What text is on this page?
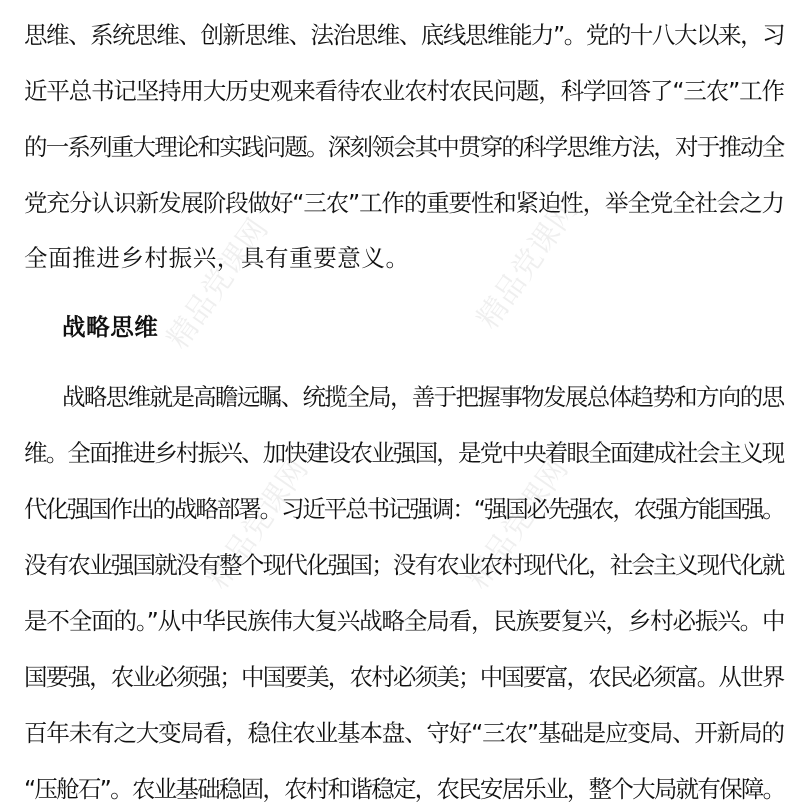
精品党课网	精品党课网
精品党课网	精品党课网
思维、系统思维、创新思维、法治思维、底线思维能力”。党的十八大以来，习
近平总书记坚持用大历史观来看待农业农村农民问题，科学回答了“三农”工作
的一系列重大理论和实践问题。深刻领会其中贯穿的科学思维方法，对于推动全
党充分认识新发展阶段做好“三农”工作的重要性和紧迫性，举全党全社会之力
全面推进乡村振兴，具有重要意义。
战略思维
战略思维就是高瞻远瞩、统揽全局，善于把握事物发展总体趋势和方向的思
维。全面推进乡村振兴、加快建设农业强国，是党中央着眼全面建成社会主义现
代化强国作出的战略部署。习近平总书记强调：“强国必先强农，农强方能国强。
没有农业强国就没有整个现代化强国；没有农业农村现代化，社会主义现代化就
是不全面的。”从中华民族伟大复兴战略全局看，民族要复兴，乡村必振兴。中
国要强，农业必须强；中国要美，农村必须美；中国要富，农民必须富。从世界
百年未有之大变局看，稳住农业基本盘、守好“三农”基础是应变局、开新局的
“压舱石”。农业基础稳固，农村和谐稳定，农民安居乐业，整个大局就有保障。
